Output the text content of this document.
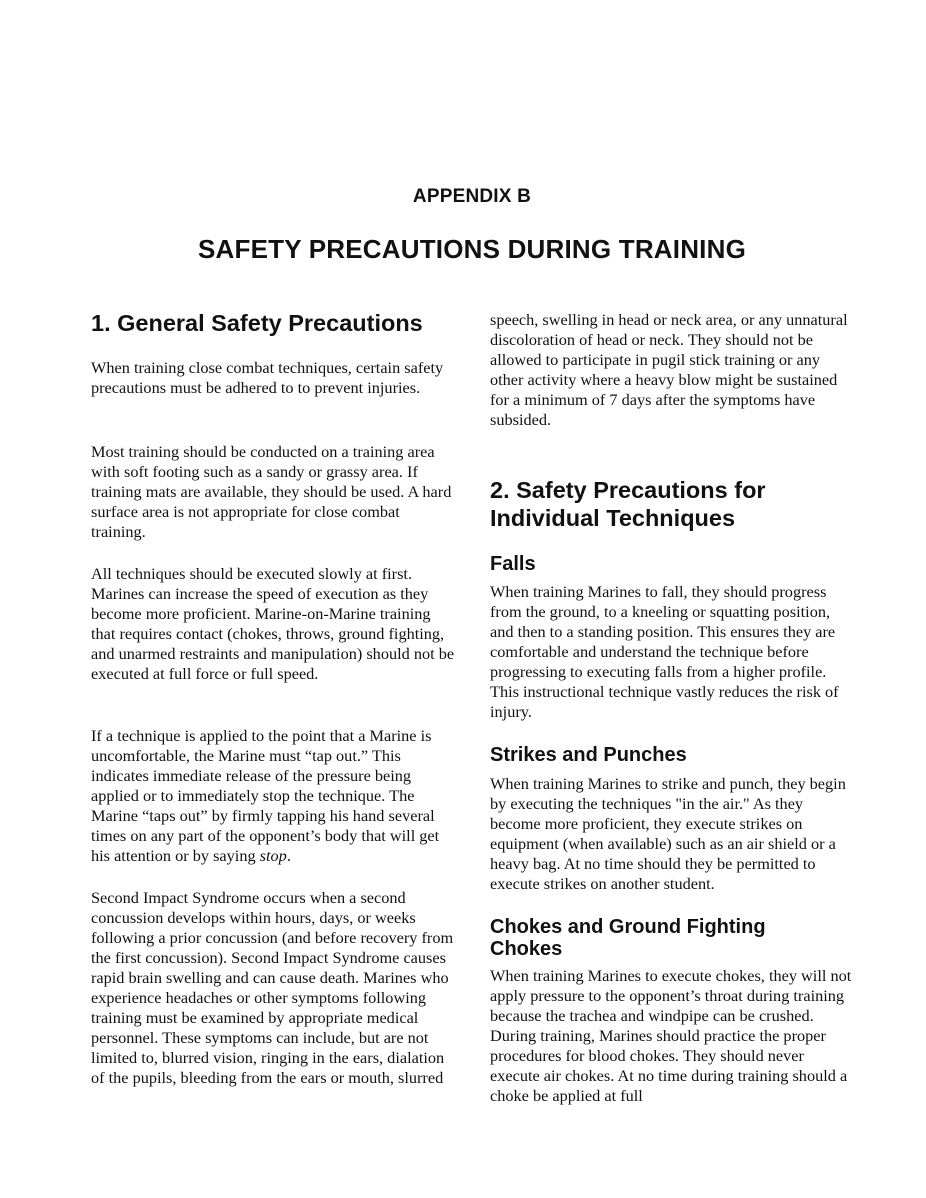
APPENDIX B
SAFETY PRECAUTIONS DURING TRAINING
1. General Safety Precautions

When training close combat techniques, certain safety precautions must be adhered to to prevent injuries.

Most training should be conducted on a training area with soft footing such as a sandy or grassy area. If training mats are available, they should be used. A hard surface area is not appropriate for close combat training.

All techniques should be executed slowly at first. Marines can increase the speed of execution as they become more proficient. Marine-on-Marine training that requires contact (chokes, throws, ground fighting, and unarmed restraints and manipulation) should not be executed at full force or full speed.

If a technique is applied to the point that a Marine is uncomfortable, the Marine must “tap out.” This indicates immediate release of the pressure being applied or to immediately stop the technique. The Marine “taps out” by firmly tapping his hand several times on any part of the opponent’s body that will get his attention or by saying stop.

Second Impact Syndrome occurs when a second concussion develops within hours, days, or weeks following a prior concussion (and before recovery from the first concussion). Second Impact Syndrome causes rapid brain swelling and can cause death. Marines who experience headaches or other symptoms following training must be examined by appropriate medical personnel. These symptoms can include, but are not limited to, blurred vision, ringing in the ears, dialation of the pupils, bleeding from the ears or mouth, slurred

speech, swelling in head or neck area, or any unnatural discoloration of head or neck. They should not be allowed to participate in pugil stick training or any other activity where a heavy blow might be sustained for a minimum of 7 days after the symptoms have subsided.

2. Safety Precautions for
Individual Techniques
Falls

When training Marines to fall, they should progress from the ground, to a kneeling or squatting position, and then to a standing position. This ensures they are comfortable and understand the technique before progressing to executing falls from a higher profile. This instructional technique vastly reduces the risk of injury.

Strikes and Punches

When training Marines to strike and punch, they begin by executing the techniques "in the air." As they become more proficient, they execute strikes on equipment (when available) such as an air shield or a heavy bag. At no time should they be permitted to execute strikes on another student.

Chokes and Ground Fighting
Chokes

When training Marines to execute chokes, they will not apply pressure to the opponent’s throat during training because the trachea and windpipe can be crushed. During training, Marines should practice the proper procedures for blood chokes. They should never execute air chokes. At no time during training should a choke be applied at full
